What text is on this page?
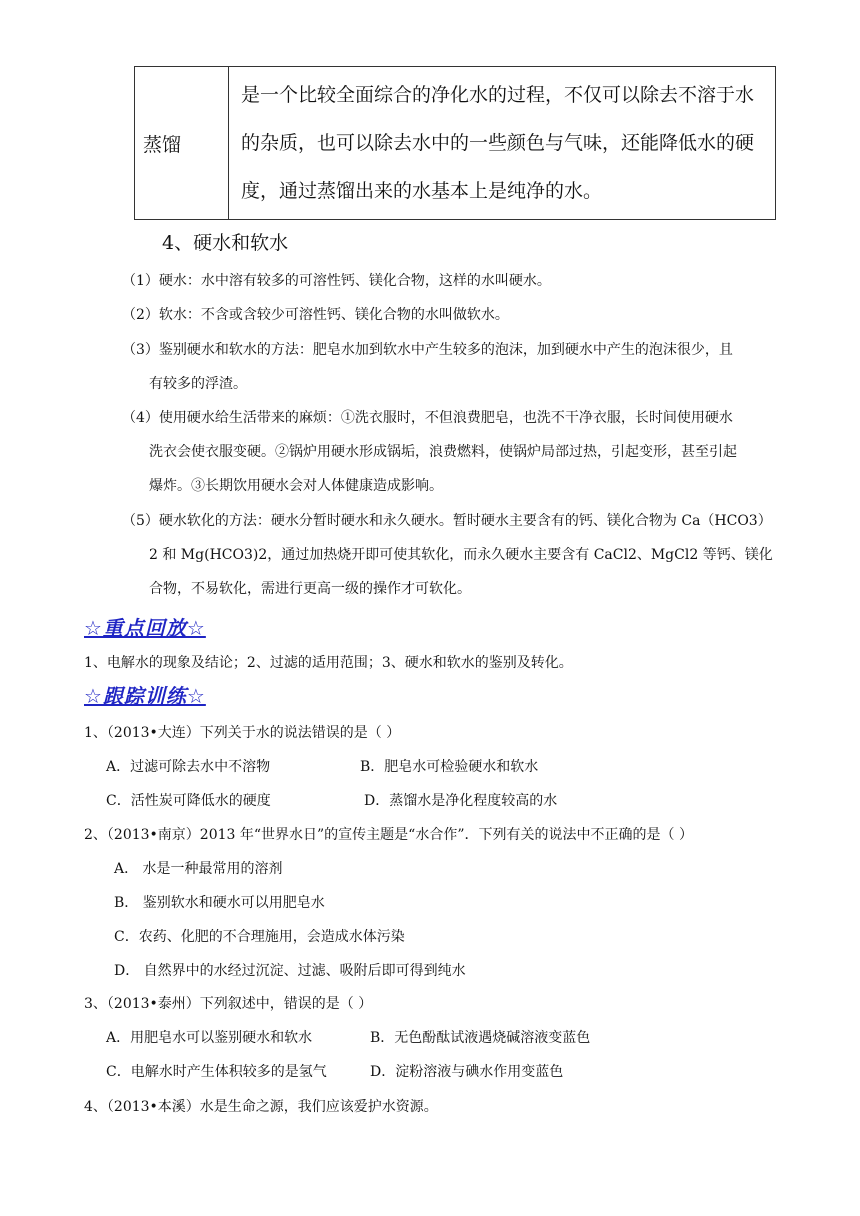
蒸馏	是一个比较全面综合的净化水的过程，不仅可以除去不溶于水的杂质，也可以除去水中的一些颜色与气味，还能降低水的硬度，通过蒸馏出来的水基本上是纯净的水。
4、硬水和软水
（1）硬水：水中溶有较多的可溶性钙、镁化合物，这样的水叫硬水。
（2）软水：不含或含较少可溶性钙、镁化合物的水叫做软水。
（3）鉴别硬水和软水的方法：肥皂水加到软水中产生较多的泡沫，加到硬水中产生的泡沫很少，且
有较多的浮渣。
（4）使用硬水给生活带来的麻烦：①洗衣服时，不但浪费肥皂，也洗不干净衣服，长时间使用硬水
洗衣会使衣服变硬。②锅炉用硬水形成锅垢，浪费燃料，使锅炉局部过热，引起变形，甚至引起
爆炸。③长期饮用硬水会对人体健康造成影响。
（5）硬水软化的方法：硬水分暂时硬水和永久硬水。暂时硬水主要含有的钙、镁化合物为 Ca（HCO3）
2 和 Mg(HCO3)2，通过加热烧开即可使其软化，而永久硬水主要含有 CaCl2、MgCl2 等钙、镁化
合物，不易软化，需进行更高一级的操作才可软化。
☆重点回放☆
1、电解水的现象及结论；2、过滤的适用范围；3、硬水和软水的鉴别及转化。
☆跟踪训练☆
1、（2013•大连）下列关于水的说法错误的是（ ）
A．过滤可除去水中不溶物	B．肥皂水可检验硬水和软水
C．活性炭可降低水的硬度	D．蒸馏水是净化程度较高的水
2、（2013•南京）2013 年“世界水日”的宣传主题是“水合作”．下列有关的说法中不正确的是（ ）
A． 水是一种最常用的溶剂
B． 鉴别软水和硬水可以用肥皂水
C．农药、化肥的不合理施用，会造成水体污染
D． 自然界中的水经过沉淀、过滤、吸附后即可得到纯水
3、（2013•泰州）下列叙述中，错误的是（ ）
A．用肥皂水可以鉴别硬水和软水	B．无色酚酞试液遇烧碱溶液变蓝色
C．电解水时产生体积较多的是氢气	D．淀粉溶液与碘水作用变蓝色
4、（2013•本溪）水是生命之源，我们应该爱护水资源。
